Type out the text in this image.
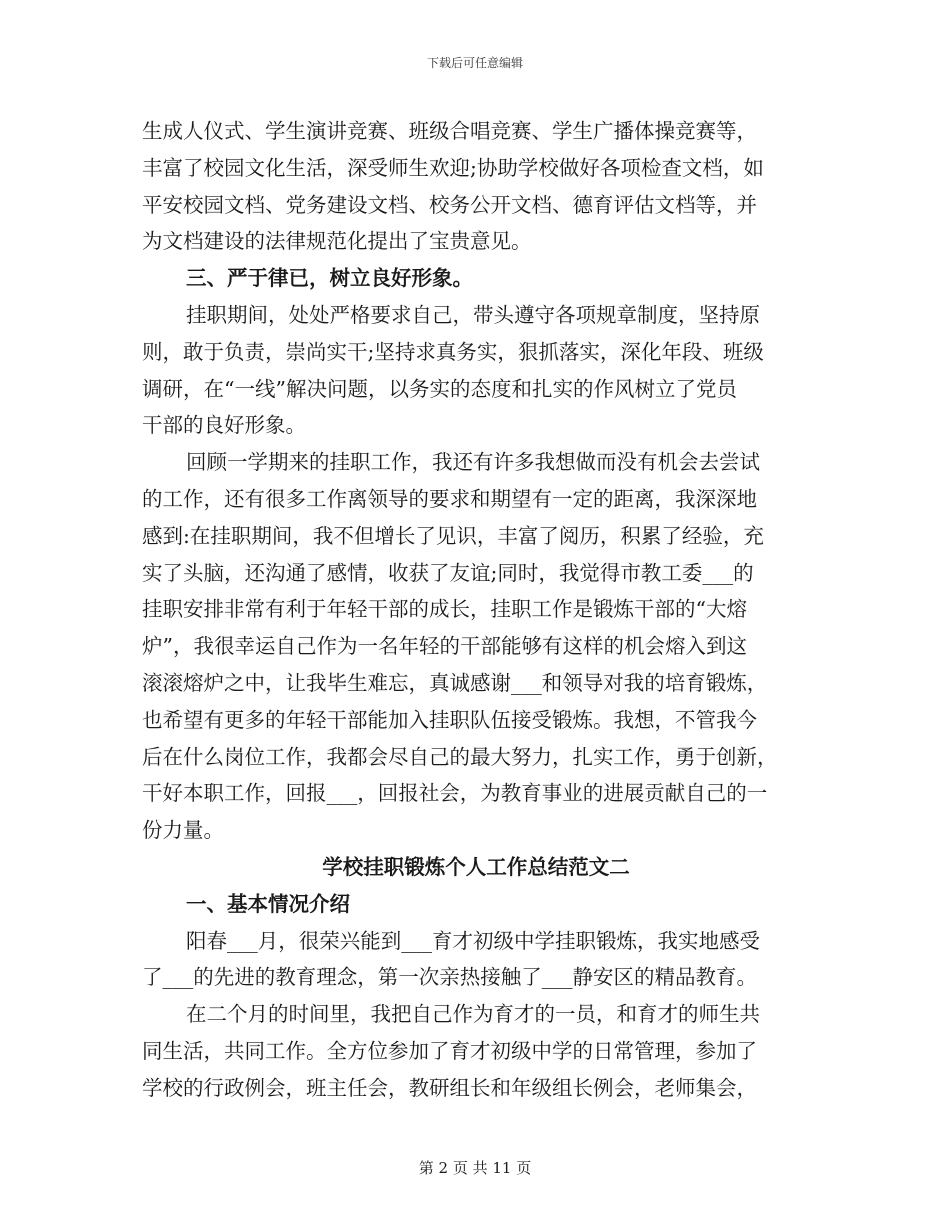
下载后可任意编辑
生成人仪式、学生演讲竞赛、班级合唱竞赛、学生广播体操竞赛等，
丰富了校园文化生活，深受师生欢迎;协助学校做好各项检查文档，如
平安校园文档、党务建设文档、校务公开文档、德育评估文档等，并
为文档建设的法律规范化提出了宝贵意见。
三、严于律已，树立良好形象。
挂职期间，处处严格要求自己，带头遵守各项规章制度，坚持原
则，敢于负责，崇尚实干;坚持求真务实，狠抓落实，深化年段、班级
调研，在“一线”解决问题，以务实的态度和扎实的作风树立了党员
干部的良好形象。
回顾一学期来的挂职工作，我还有许多我想做而没有机会去尝试
的工作，还有很多工作离领导的要求和期望有一定的距离，我深深地
感到:在挂职期间，我不但增长了见识，丰富了阅历，积累了经验，充
实了头脑，还沟通了感情，收获了友谊;同时，我觉得市教工委___的
挂职安排非常有利于年轻干部的成长，挂职工作是锻炼干部的“大熔
炉”，我很幸运自己作为一名年轻的干部能够有这样的机会熔入到这
滚滚熔炉之中，让我毕生难忘，真诚感谢___和领导对我的培育锻炼，
也希望有更多的年轻干部能加入挂职队伍接受锻炼。我想，不管我今
后在什么岗位工作，我都会尽自己的最大努力，扎实工作，勇于创新，
干好本职工作，回报___，回报社会，为教育事业的进展贡献自己的一
份力量。
学校挂职锻炼个人工作总结范文二
一、基本情况介绍
阳春___月，很荣兴能到___育才初级中学挂职锻炼，我实地感受
了___的先进的教育理念，第一次亲热接触了___静安区的精品教育。
在二个月的时间里，我把自己作为育才的一员，和育才的师生共
同生活，共同工作。全方位参加了育才初级中学的日常管理，参加了
学校的行政例会，班主任会，教研组长和年级组长例会，老师集会，
第 2 页 共 11 页
